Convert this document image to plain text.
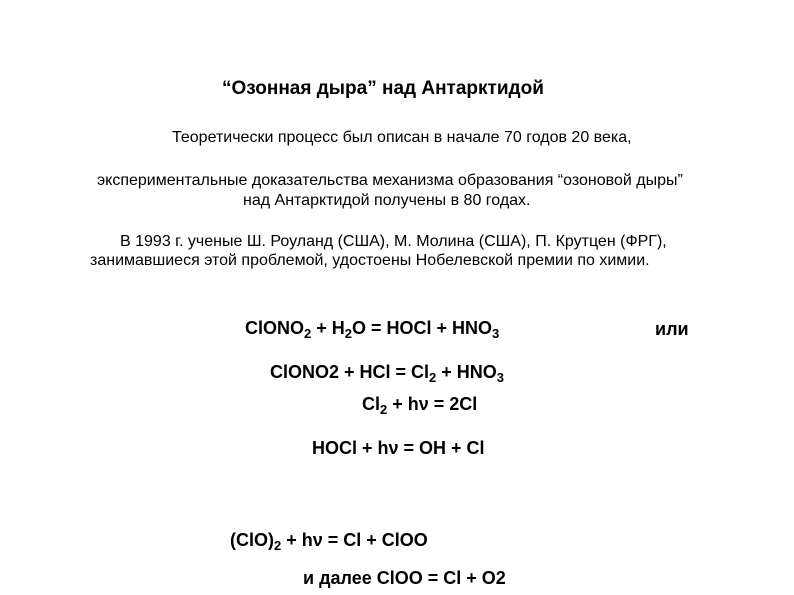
“Озонная дыра” над Антарктидой
Теоретически процесс был описан в начале 70 годов 20 века,
экспериментальные доказательства механизма образования “озоновой дыры”
над Антарктидой получены в 80 годах.
В 1993 г. ученые Ш. Роуланд (США), М. Молина (США), П. Крутцен (ФРГ),
занимавшиеся этой проблемой, удостоены Нобелевской премии по химии.
ClONO$_2$ + $H_2O$ = HOCl + $HNO_3$	или
ClONO2 + HCl = $Cl_2 + HNO_3$
$Cl_2 + h\nu = 2Cl$
HOCl + hν = OH + Cl
$(ClO)_2 + h\nu = Cl$ + ClOO
и далее ClOO = Cl + O2
